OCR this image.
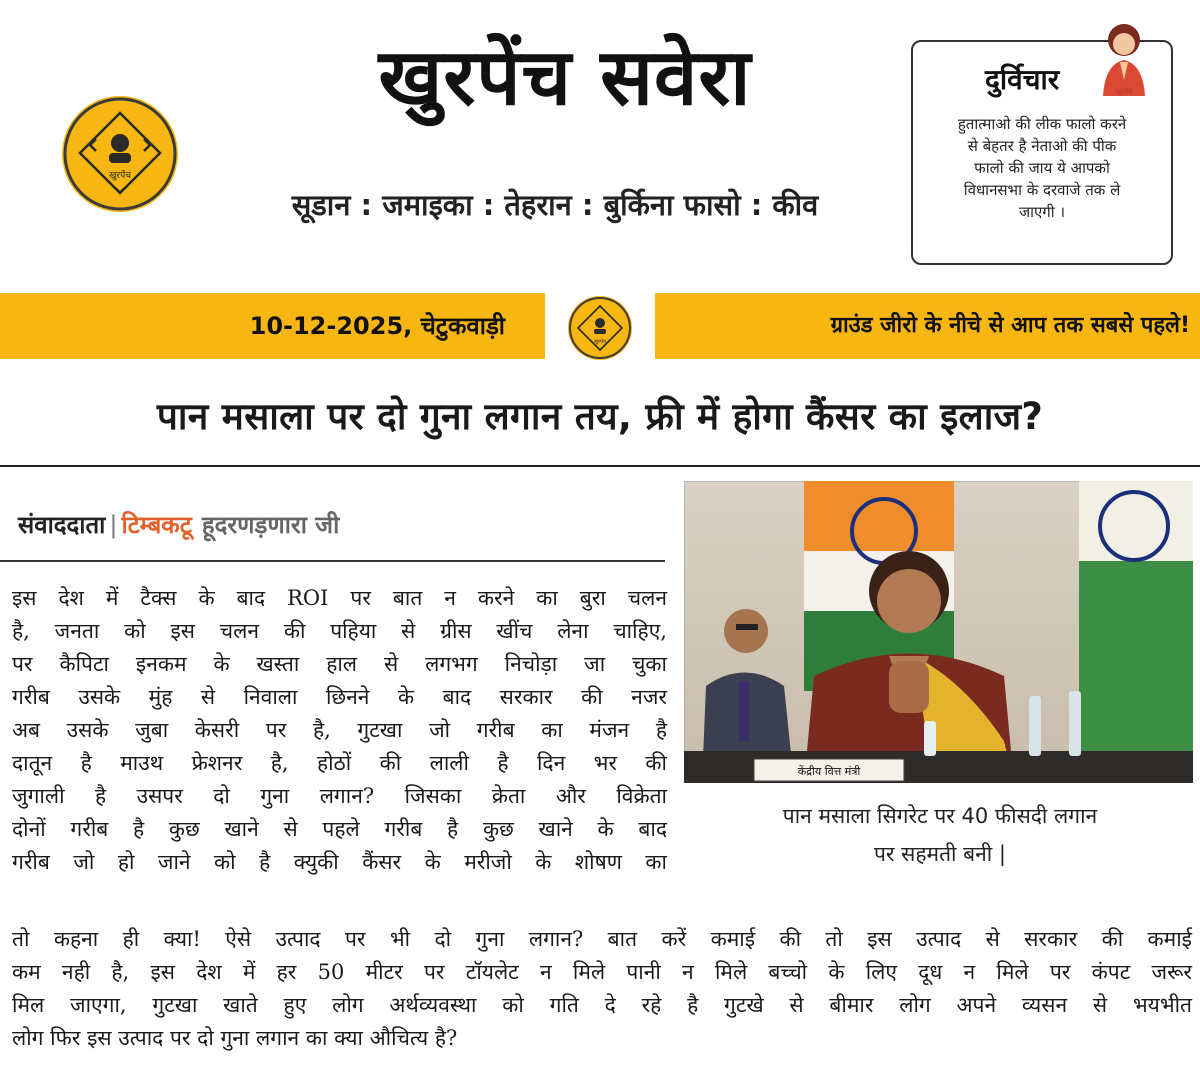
खुरपेंच
खुरपेंच सवेरा
सूडान : जमाइका : तेहरान : बुर्किना फासो : कीव
दुर्विचार	खुरपेंच
हुतात्माओ की लीक फालो करने
से बेहतर है नेताओ की पीक
फालो की जाय ये आपको
विधानसभा के दरवाजे तक ले
जाएगी ।
10-12-2025, चेटुकवाड़ी	ग्राउंड जीरो के नीचे से आप तक सबसे पहले!
खुरपेंच
पान मसाला पर दो गुना लगान तय, फ्री में होगा कैंसर का इलाज?
संवाददाता | टिम्बकटू हूदरणड़णारा जी
इस देश में टैक्स के बाद ROI पर बात न करने का बुरा चलन
है, जनता को इस चलन की पहिया से ग्रीस खींच लेना चाहिए,
पर कैपिटा इनकम के खस्ता हाल से लगभग निचोड़ा जा चुका
गरीब उसके मुंह से निवाला छिनने के बाद सरकार की नजर
अब उसके जुबा केसरी पर है, गुटखा जो गरीब का मंजन है
दातून है माउथ फ्रेशनर है, होठों की लाली है दिन भर की
जुगाली है उसपर दो गुना लगान? जिसका क्रेता और विक्रेता
दोनों गरीब है कुछ खाने से पहले गरीब है कुछ खाने के बाद
गरीब जो हो जाने को है क्युकी कैंसर के मरीजो के शोषण का
केंद्रीय वित्त मंत्री
पान मसाला सिगरेट पर 40 फीसदी लगान
पर सहमती बनी |
तो कहना ही क्या! ऐसे उत्पाद पर भी दो गुना लगान? बात करें कमाई की तो इस उत्पाद से सरकार की कमाई
कम नही है, इस देश में हर 50 मीटर पर टॉयलेट न मिले पानी न मिले बच्चो के लिए दूध न मिले पर कंपट जरूर
मिल जाएगा, गुटखा खाते हुए लोग अर्थव्यवस्था को गति दे रहे है गुटखे से बीमार लोग अपने व्यसन से भयभीत
लोग फिर इस उत्पाद पर दो गुना लगान का क्या औचित्य है?
